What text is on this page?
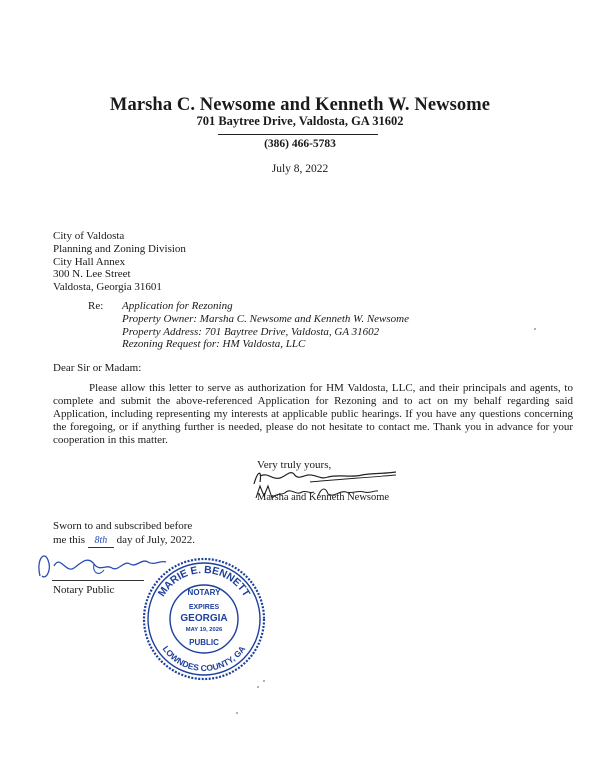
Marsha C. Newsome and Kenneth W. Newsome
701 Baytree Drive, Valdosta, GA 31602
(386) 466-5783
July 8, 2022
City of Valdosta
Planning and Zoning Division
City Hall Annex
300 N. Lee Street
Valdosta, Georgia 31601
Re: Application for Rezoning
Property Owner: Marsha C. Newsome and Kenneth W. Newsome
Property Address: 701 Baytree Drive, Valdosta, GA 31602
Rezoning Request for: HM Valdosta, LLC
Dear Sir or Madam:
Please allow this letter to serve as authorization for HM Valdosta, LLC, and their principals and agents, to complete and submit the above-referenced Application for Rezoning and to act on my behalf regarding said Application, including representing my interests at applicable public hearings. If you have any questions concerning the foregoing, or if anything further is needed, please do not hesitate to contact me. Thank you in advance for your cooperation in this matter.
Very truly yours,
Marsha and Kenneth Newsome
Sworn to and subscribed before
me this 8th day of July, 2022.
Notary Public	MARIE E. BENNETT
LOWNDES COUNTY, GA
NOTARY
EXPIRES
GEORGIA
MAY 19, 2026
PUBLIC
